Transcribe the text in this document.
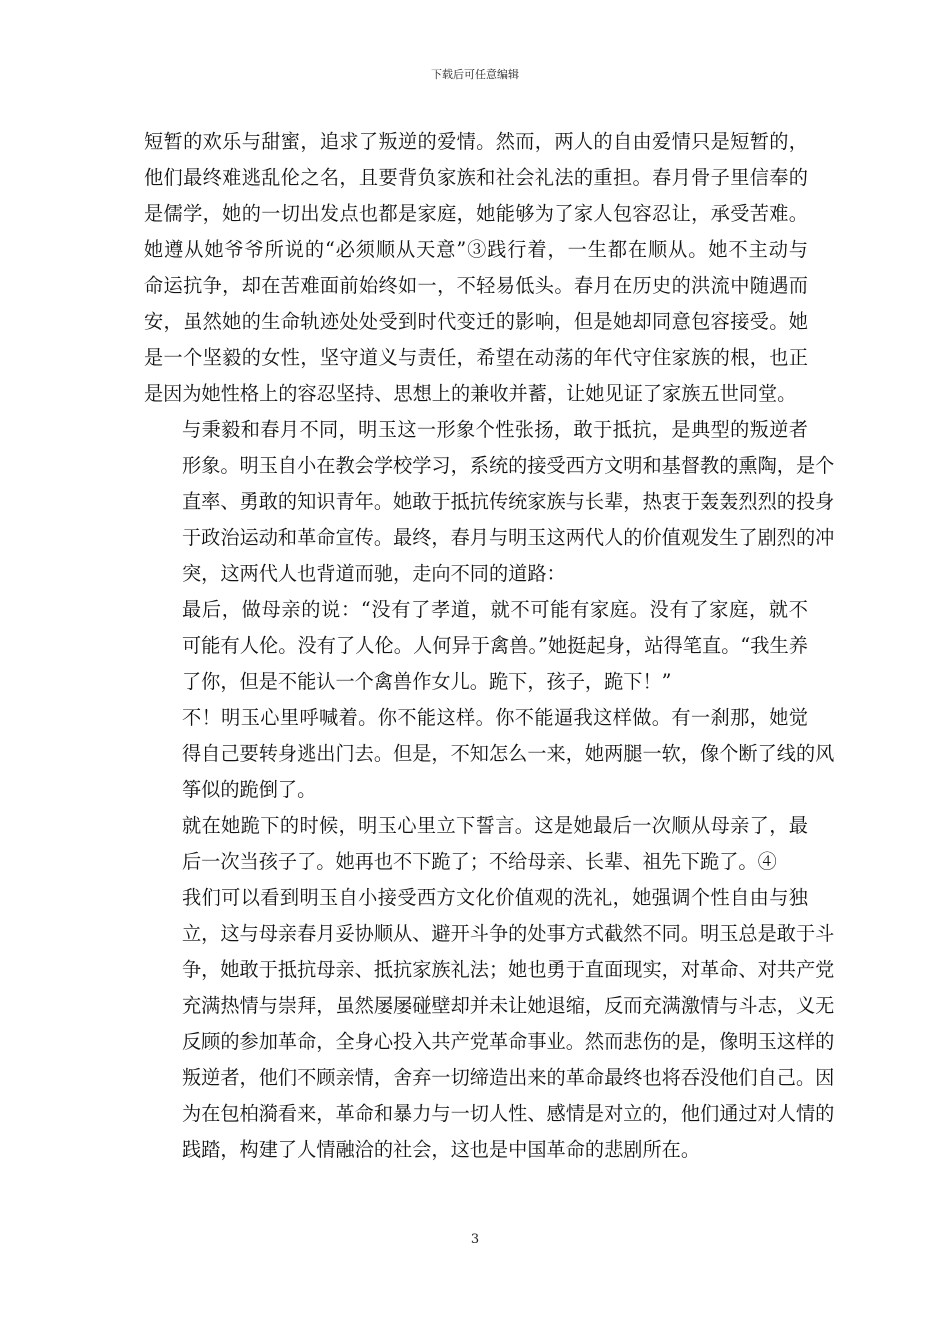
下载后可任意编辑

短暂的欢乐与甜蜜，追求了叛逆的爱情。然而，两人的自由爱情只是短暂的，
他们最终难逃乱伦之名，且要背负家族和社会礼法的重担。春月骨子里信奉的
是儒学，她的一切出发点也都是家庭，她能够为了家人包容忍让，承受苦难。
她遵从她爷爷所说的“必须顺从天意”③践行着，一生都在顺从。她不主动与
命运抗争，却在苦难面前始终如一，不轻易低头。春月在历史的洪流中随遇而
安，虽然她的生命轨迹处处受到时代变迁的影响，但是她却同意包容接受。她
是一个坚毅的女性，坚守道义与责任，希望在动荡的年代守住家族的根，也正
是因为她性格上的容忍坚持、思想上的兼收并蓄，让她见证了家族五世同堂。

与秉毅和春月不同，明玉这一形象个性张扬，敢于抵抗，是典型的叛逆者
形象。明玉自小在教会学校学习，系统的接受西方文明和基督教的熏陶，是个
直率、勇敢的知识青年。她敢于抵抗传统家族与长辈，热衷于轰轰烈烈的投身
于政治运动和革命宣传。最终，春月与明玉这两代人的价值观发生了剧烈的冲
突，这两代人也背道而驰，走向不同的道路：

最后，做母亲的说：“没有了孝道，就不可能有家庭。没有了家庭，就不
可能有人伦。没有了人伦。人何异于禽兽。”她挺起身，站得笔直。“我生养
了你，但是不能认一个禽兽作女儿。跪下，孩子，跪下！”

不！明玉心里呼喊着。你不能这样。你不能逼我这样做。有一刹那，她觉
得自己要转身逃出门去。但是，不知怎么一来，她两腿一软，像个断了线的风
筝似的跪倒了。

就在她跪下的时候，明玉心里立下誓言。这是她最后一次顺从母亲了，最
后一次当孩子了。她再也不下跪了；不给母亲、长辈、祖先下跪了。④

我们可以看到明玉自小接受西方文化价值观的洗礼，她强调个性自由与独
立，这与母亲春月妥协顺从、避开斗争的处事方式截然不同。明玉总是敢于斗
争，她敢于抵抗母亲、抵抗家族礼法；她也勇于直面现实，对革命、对共产党
充满热情与崇拜，虽然屡屡碰壁却并未让她退缩，反而充满激情与斗志，义无
反顾的参加革命，全身心投入共产党革命事业。然而悲伤的是，像明玉这样的
叛逆者，他们不顾亲情，舍弃一切缔造出来的革命最终也将吞没他们自己。因
为在包柏漪看来，革命和暴力与一切人性、感情是对立的，他们通过对人情的
践踏，构建了人情融洽的社会，这也是中国革命的悲剧所在。

3
